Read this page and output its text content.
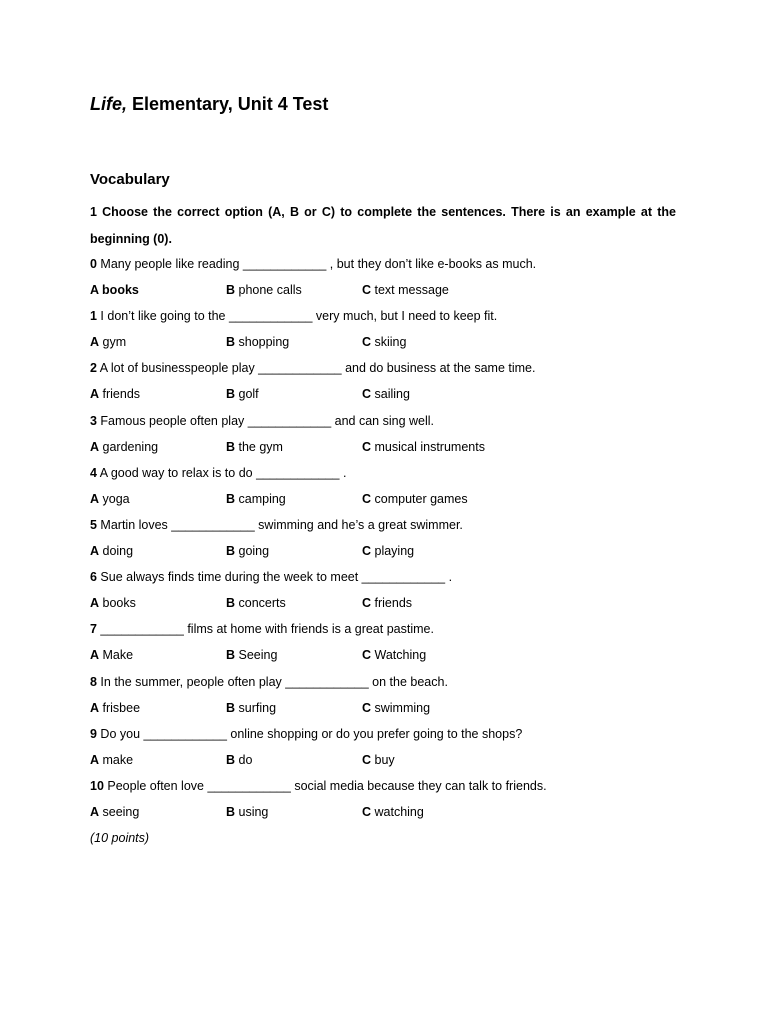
Life, Elementary, Unit 4 Test
Vocabulary
1 Choose the correct option (A, B or C) to complete the sentences. There is an example at the
beginning (0).
0 Many people like reading ____________ , but they don’t like e-books as much.
A books	B phone calls	C text message
1 I don’t like going to the ____________ very much, but I need to keep fit.
A gym	B shopping	C skiing
2 A lot of businesspeople play ____________ and do business at the same time.
A friends	B golf	C sailing
3 Famous people often play ____________ and can sing well.
A gardening	B the gym	C musical instruments
4 A good way to relax is to do ____________ .
A yoga	B camping	C computer games
5 Martin loves ____________ swimming and he’s a great swimmer.
A doing	B going	C playing
6 Sue always finds time during the week to meet ____________ .
A books	B concerts	C friends
7 ____________ films at home with friends is a great pastime.
A Make	B Seeing	C Watching
8 In the summer, people often play ____________ on the beach.
A frisbee	B surfing	C swimming
9 Do you ____________ online shopping or do you prefer going to the shops?
A make	B do	C buy
10 People often love ____________ social media because they can talk to friends.
A seeing	B using	C watching
(10 points)
